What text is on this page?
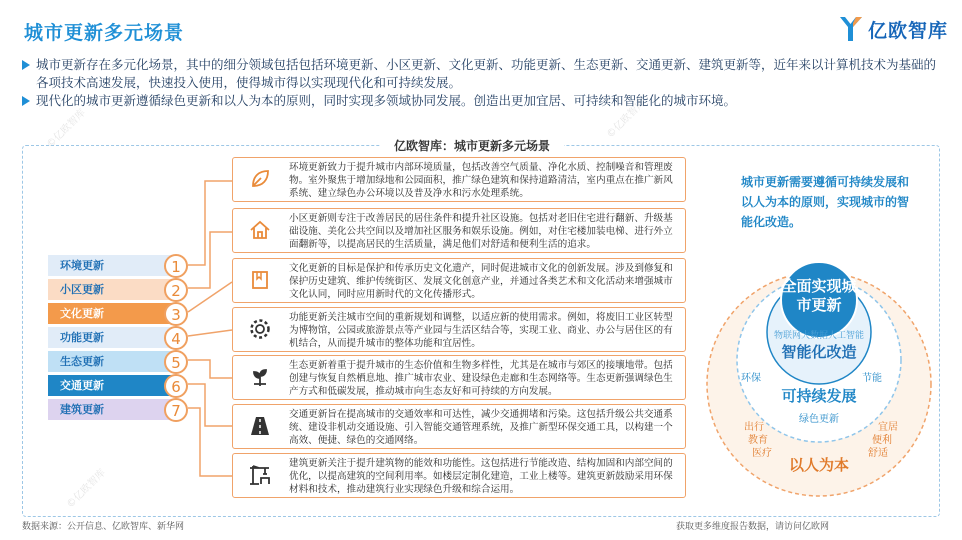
©亿欧智库	©亿欧智库
©亿欧智库
城市更新多元场景	亿欧智库
城市更新存在多元化场景，其中的细分领域包括包括环境更新、小区更新、文化更新、功能更新、生态更新、交通更新、建筑更新等，近年来以计算机技术为基础的各项技术高速发展，快速投入使用，使得城市得以实现现代化和可持续发展。
现代化的城市更新遵循绿色更新和以人为本的原则，同时实现多领域协同发展。创造出更加宜居、可持续和智能化的城市环境。
亿欧智库：城市更新多元场景
环境更新	1
小区更新	2
文化更新	3
功能更新	4
生态更新	5
交通更新	6
建筑更新	7
环境更新致力于提升城市内部环境质量，包括改善空气质量、净化水质、控制噪音和管理废物。室外聚焦于增加绿地和公园面积，推广绿色建筑和保持道路清洁，室内重点在推广新风系统、建立绿色办公环境以及普及净水和污水处理系统。
小区更新则专注于改善居民的居住条件和提升社区设施。包括对老旧住宅进行翻新、升级基础设施、美化公共空间以及增加社区服务和娱乐设施。例如，对住宅楼加装电梯、进行外立面翻新等，以提高居民的生活质量，满足他们对舒适和便利生活的追求。
文化更新的目标是保护和传承历史文化遗产，同时促进城市文化的创新发展。涉及到修复和保护历史建筑、维护传统街区、发展文化创意产业，并通过各类艺术和文化活动来增强城市文化认同，同时应用新时代的文化传播形式。
功能更新关注城市空间的重新规划和调整，以适应新的使用需求。例如，将废旧工业区转型为博物馆，公园或旅游景点等产业园与生活区结合等，实现工业、商业、办公与居住区的有机结合，从而提升城市的整体功能和宜居性。
生态更新着重于提升城市的生态价值和生物多样性，尤其是在城市与郊区的接壤地带。包括创建与恢复自然栖息地、推广城市农业、建设绿色走廊和生态网络等。生态更新强调绿色生产方式和低碳发展，推动城市向生态友好和可持续的方向发展。
交通更新旨在提高城市的交通效率和可达性，减少交通拥堵和污染。这包括升级公共交通系统、建设非机动交通设施、引入智能交通管理系统，及推广新型环保交通工具，以构建一个高效、便捷、绿色的交通网络。
建筑更新关注于提升建筑物的能效和功能性。这包括进行节能改造、结构加固和内部空间的优化，以提高建筑的空间利用率。如楼层定制化建造，工业上楼等。建筑更新鼓励采用环保材料和技术，推动建筑行业实现绿色升级和综合运用。
城市更新需要遵循可持续发展和以人为本的原则，实现城市的智能化改造。
全面实现城市更新
物联网大数据人工智能
智能化改造
环保	节能
可持续发展
绿色更新
出行
教育
医疗
宜居
便利
舒适
以人为本
数据来源：公开信息、亿欧智库、新华网	获取更多维度报告数据，请访问亿欧网
